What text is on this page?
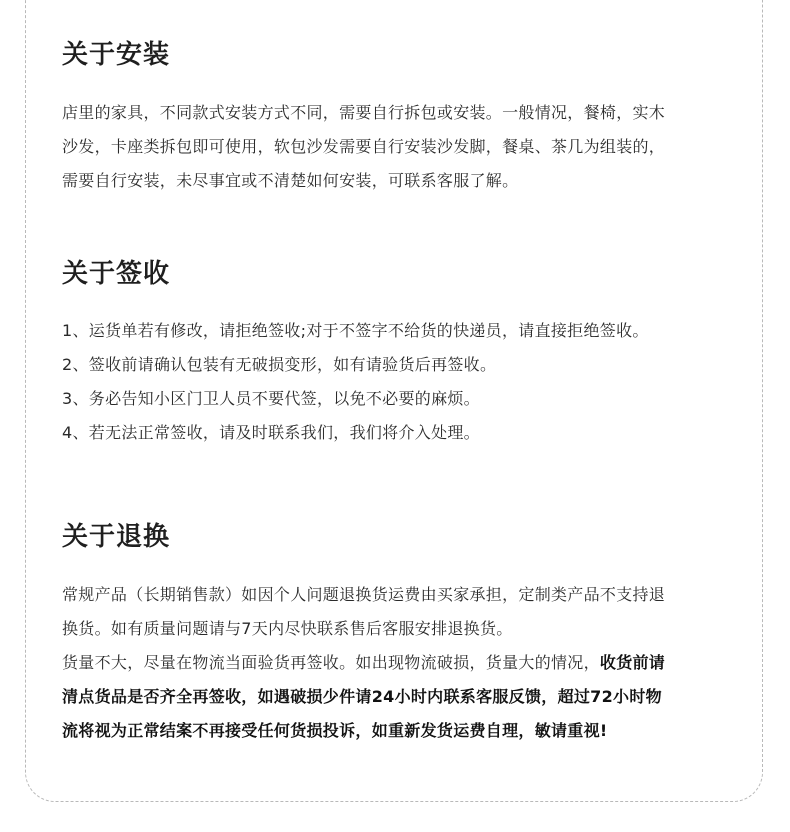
关于安装
店里的家具，不同款式安装方式不同，需要自行拆包或安装。一般情况，餐椅，实木
沙发，卡座类拆包即可使用，软包沙发需要自行安装沙发脚，餐桌、茶几为组装的，
需要自行安装，未尽事宜或不清楚如何安装，可联系客服了解。
关于签收
1、运货单若有修改，请拒绝签收;对于不签字不给货的快递员，请直接拒绝签收。
2、签收前请确认包装有无破损变形，如有请验货后再签收。
3、务必告知小区门卫人员不要代签，以免不必要的麻烦。
4、若无法正常签收，请及时联系我们，我们将介入处理。
关于退换
常规产品（长期销售款）如因个人问题退换货运费由买家承担，定制类产品不支持退
换货。如有质量问题请与7天内尽快联系售后客服安排退换货。
货量不大，尽量在物流当面验货再签收。如出现物流破损，货量大的情况，收货前请
清点货品是否齐全再签收，如遇破损少件请24小时内联系客服反馈，超过72小时物
流将视为正常结案不再接受任何货损投诉，如重新发货运费自理，敏请重视!
